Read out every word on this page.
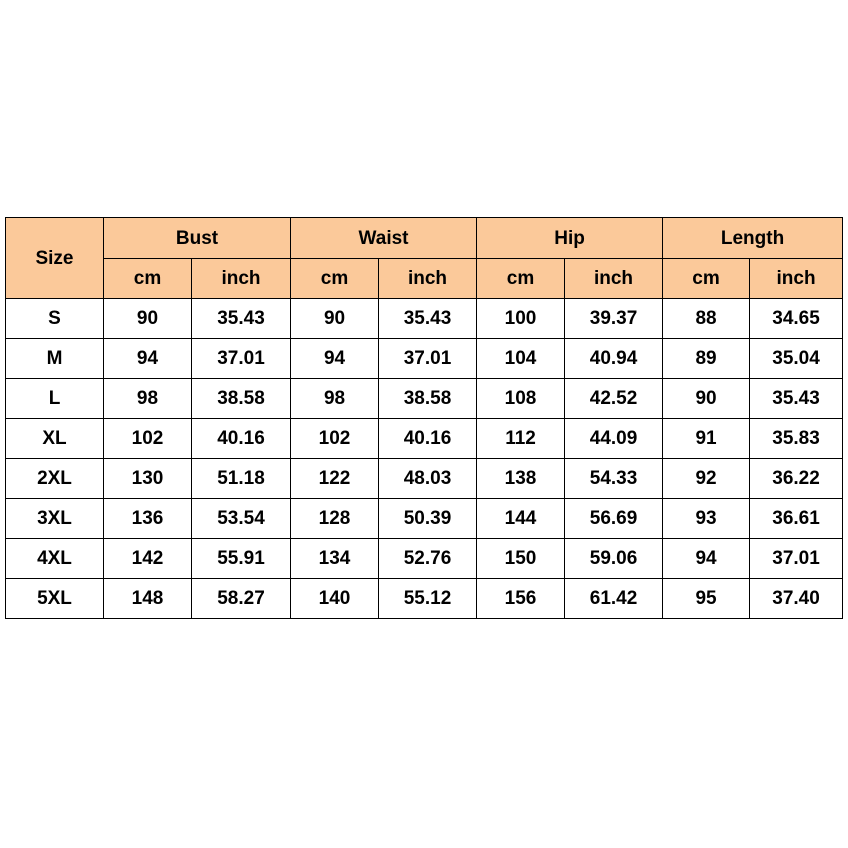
Size	Bust		Waist		Hip		Length	
	cm	inch	cm	inch	cm	inch	cm	inch
S	90	35.43	90	35.43	100	39.37	88	34.65
M	94	37.01	94	37.01	104	40.94	89	35.04
L	98	38.58	98	38.58	108	42.52	90	35.43
XL	102	40.16	102	40.16	112	44.09	91	35.83
2XL	130	51.18	122	48.03	138	54.33	92	36.22
3XL	136	53.54	128	50.39	144	56.69	93	36.61
4XL	142	55.91	134	52.76	150	59.06	94	37.01
5XL	148	58.27	140	55.12	156	61.42	95	37.40
